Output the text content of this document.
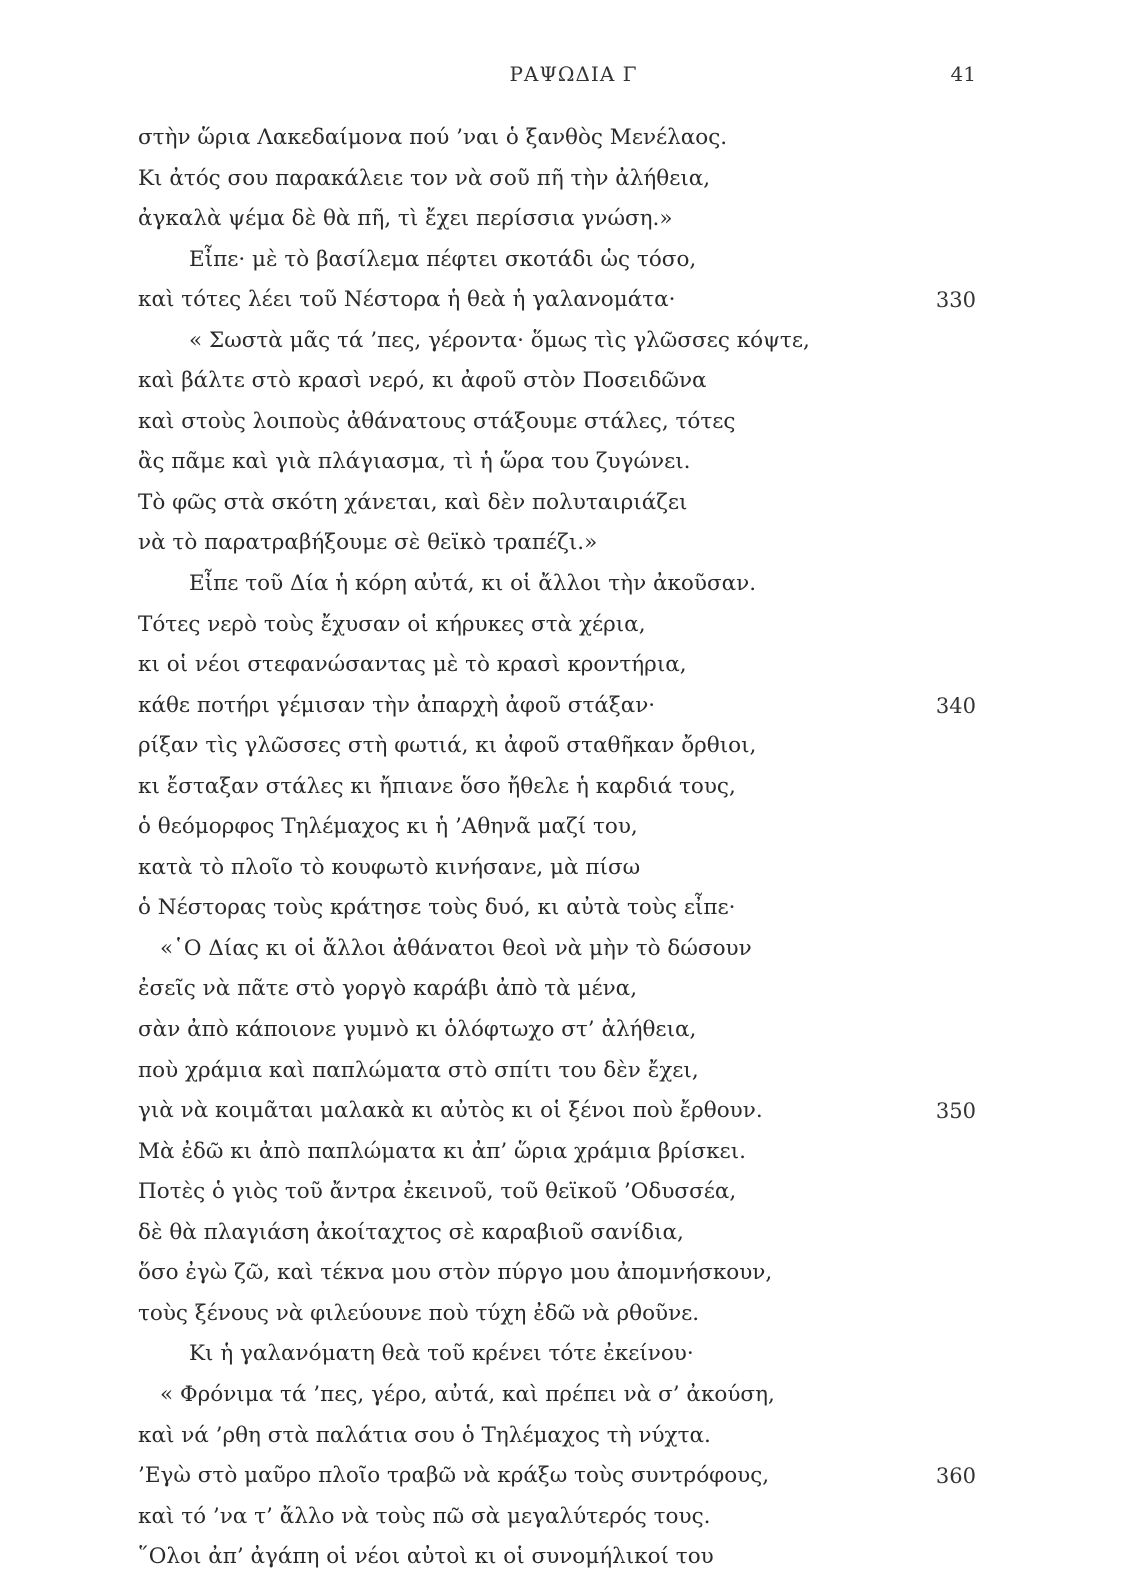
ΡΑΨΩΔΙΑ Γ	41
στὴν ὥρια Λακεδαίμονα πού ’ναι ὁ ξανθὸς Μενέλαος.
Κι ἀτός σου παρακάλειε τον νὰ σοῦ πῆ τὴν ἀλήθεια,
ἀγκαλὰ ψέμα δὲ θὰ πῆ, τὶ ἔχει περίσσια γνώση.»
Εἶπε· μὲ τὸ βασίλεμα πέφτει σκοτάδι ὡς τόσο,
καὶ τότες λέει τοῦ Νέστορα ἡ θεὰ ἡ γαλανομάτα·	330
« Σωστὰ μᾶς τά ’πες, γέροντα· ὅμως τὶς γλῶσσες κόψτε,
καὶ βάλτε στὸ κρασὶ νερό, κι ἀφοῦ στὸν Ποσειδῶνα
καὶ στοὺς λοιποὺς ἀθάνατους στάξουμε στάλες, τότες
ἂς πᾶμε καὶ γιὰ πλάγιασμα, τὶ ἡ ὥρα του ζυγώνει.
Τὸ φῶς στὰ σκότη χάνεται, καὶ δὲν πολυταιριάζει
νὰ τὸ παρατραβήξουμε σὲ θεϊκὸ τραπέζι.»
Εἶπε τοῦ Δία ἡ κόρη αὐτά, κι οἱ ἄλλοι τὴν ἀκοῦσαν.
Τότες νερὸ τοὺς ἔχυσαν οἱ κήρυκες στὰ χέρια,
κι οἱ νέοι στεφανώσαντας μὲ τὸ κρασὶ κροντήρια,
κάθε ποτήρι γέμισαν τὴν ἀπαρχὴ ἀφοῦ στάξαν·	340
ρίξαν τὶς γλῶσσες στὴ φωτιά, κι ἀφοῦ σταθῆκαν ὄρθιοι,
κι ἔσταξαν στάλες κι ἤπιανε ὅσο ἤθελε ἡ καρδιά τους,
ὁ θεόμορφος Τηλέμαχος κι ἡ ’Αθηνᾶ μαζί του,
κατὰ τὸ πλοῖο τὸ κουφωτὸ κινήσανε, μὰ πίσω
ὁ Νέστορας τοὺς κράτησε τοὺς δυό, κι αὐτὰ τοὺς εἶπε·
«῾Ο Δίας κι οἱ ἄλλοι ἀθάνατοι θεοὶ νὰ μὴν τὸ δώσουν
ἐσεῖς νὰ πᾶτε στὸ γοργὸ καράβι ἀπὸ τὰ μένα,
σὰν ἀπὸ κάποιονε γυμνὸ κι ὁλόφτωχο στ’ ἀλήθεια,
ποὺ χράμια καὶ παπλώματα στὸ σπίτι του δὲν ἔχει,
γιὰ νὰ κοιμᾶται μαλακὰ κι αὐτὸς κι οἱ ξένοι ποὺ ἔρθουν.	350
Μὰ ἐδῶ κι ἀπὸ παπλώματα κι ἀπ’ ὥρια χράμια βρίσκει.
Ποτὲς ὁ γιὸς τοῦ ἄντρα ἐκεινοῦ, τοῦ θεϊκοῦ ’Οδυσσέα,
δὲ θὰ πλαγιάση ἀκοίταχτος σὲ καραβιοῦ σανίδια,
ὅσο ἐγὼ ζῶ, καὶ τέκνα μου στὸν πύργο μου ἀπομνήσκουν,
τοὺς ξένους νὰ φιλεύουνε ποὺ τύχη ἐδῶ νὰ ρθοῦνε.
Κι ἡ γαλανόματη θεὰ τοῦ κρένει τότε ἐκείνου·
« Φρόνιμα τά ’πες, γέρο, αὐτά, καὶ πρέπει νὰ σ’ ἀκούση,
καὶ νά ’ρθη στὰ παλάτια σου ὁ Τηλέμαχος τὴ νύχτα.
’Εγὼ στὸ μαῦρο πλοῖο τραβῶ νὰ κράξω τοὺς συντρόφους,	360
καὶ τό ’να τ’ ἄλλο νὰ τοὺς πῶ σὰ μεγαλύτερός τους.
῞Ολοι ἀπ’ ἀγάπη οἱ νέοι αὐτοὶ κι οἱ συνομήλικοί του
